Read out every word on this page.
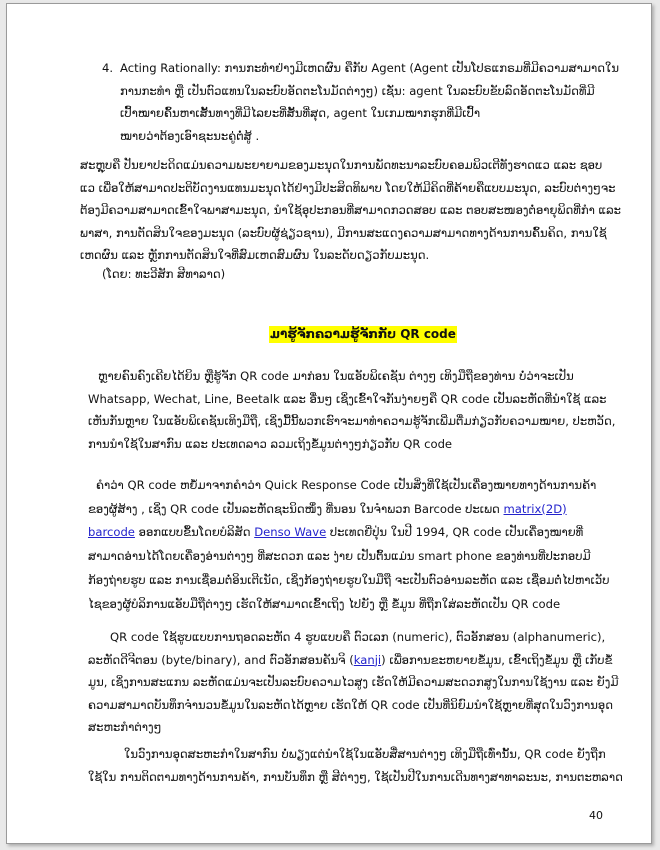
4. Acting Rationally: ການກະທຳຢ່າງມີເຫດຜົນ ຄືກັບ Agent (Agent ເປັນໂປຣແກຣມທີ່ມີຄວາມສາມາດໃນ
ການກະທຳ ຫຼື ເປັນຕົວແທນໃນລະບົບອັດຕະໂນມັດຕ່າງໆ) ເຊັ່ນ: agent ໃນລະບົບຂັບລົດອັດຕະໂນມັດທີ່ມີ
ເປົ້າໝາຍຄົ້ນຫາເສັ້ນທາງທີ່ມີໄລຍະທີ່ສັ້ນທີ່ສຸດ, agent ໃນເກມໝາກຮຸກທີ່ມີເປົ້າ
ໝາຍວ່າຕ້ອງເອົາຊະນະຄູ່ຕໍ່ສູ້ .
ສະຫຼຸບຄື ປັນຍາປະດິດແມ່ນຄວາມພະຍາຍາມຂອງມະນຸດໃນການພັດທະນາລະບົບຄອມພິວເຕີທັງຮາດແວ ແລະ ຊອບ
ແວ ເພື່ອໃຫ້ສາມາດປະຕິບັດງານແທນມະນຸດໄດ້ຢ່າງມີປະສິດທິພາບ ໂດຍໃຫ້ມີຄິດທີ່ຄ້າຍຄືແບບມະນຸດ, ລະບົບຕ່າງໆຈະ
ຕ້ອງມີຄວາມສາມາດເຂົ້າໃຈພາສາມະນຸດ, ນຳໃຊ້ອຸປະກອນທີ່ສາມາດກວດສອບ ແລະ ຕອບສະໜອງຕໍ່ອາຍຸພິດທີ່ກຳ ແລະ
ພາສາ, ການຕັດສິນໃຈຂອງມະນຸດ (ລະບົບຜູ້ຊ່ຽວຊານ), ມີການສະແດງຄວາມສາມາດທາງດ້ານການຄົ້ນຄິດ, ການໃຊ້
ເຫດຜົນ ແລະ ຫຼັກການຕັດສິນໃຈທີ່ສົມເຫດສົມຜົນ ໃນລະດັບດຽວກັບມະນຸດ.
(ໂດຍ: ທະວີສັກ ສີທາລາດ)
ມາຮູ້ຈັກຄວາມຮູ້ຈັກກັບ QR code
ຫຼາຍຄົນຄົງເຄີຍໄດ້ຍິນ ຫຼືຮູ້ຈັກ QR code ມາກ່ອນ ໃນແອັບພິເຄຊັນ ຕ່າງໆ ເທິງມືຖືຂອງທ່ານ ບໍ່ວ່າຈະເປັນ
Whatsapp, Wechat, Line, Beetalk ແລະ ອື່ນໆ ເຊິ່ງເຂົ້າໃຈກັນງ່າຍໆຄື QR code ເປັນລະຫັດທີ່ນຳໃຊ້ ແລະ
ເຫັນກັນຫຼາຍ ໃນແອັບພິເຄຊັນເທິງມືຖື, ເຊິ່ງມື້ນີ້ພວກເຮົາຈະມາທຳຄວາມຮູ້ຈັກເພີ່ມຕື່ມກ່ຽວກັບຄວາມໝາຍ, ປະຫວັດ,
ການນຳໃຊ້ໃນສາກົນ ແລະ ປະເທດລາວ ລວມເຖິງຂໍ້ມູນຕ່າງໆກ່ຽວກັບ QR code
ຄຳວ່າ QR code ຫຍໍ້ມາຈາກຄຳວ່າ Quick Response Code ເປັນສິ່ງທີ່ໃຊ້ເປັນເຄື່ອງໝາຍທາງດ້ານການຄ້າ
ຂອງຜູ້ສ້າງ , ເຊິ່ງ QR code ເປັນລະຫັດຊະນິດໜຶ່ງ ທີ່ນອນ ໃນຈຳພວກ Barcode ປະເພດ matrix(2D)
barcode ອອກແບບຂຶ້ນໂດຍບໍລິສັດ Denso Wave ປະເທດຍີ່ປຸ່ນ ໃນປີ 1994, QR code ເປັນເຄື່ອງໝາຍທີ່
ສາມາດອ່ານໄດ້ໂດຍເຄື່ອງອ່ານຕ່າງໆ ທີ່ສະດວກ ແລະ ງ່າຍ ເປັນຕົ້ນແມ່ນ smart phone ຂອງທ່ານທີ່ປະກອບມີ
ກ້ອງຖ່າຍຮູບ ແລະ ການເຊື່ອມຕໍ່ອິນເຕີເນັດ, ເຊິ່ງກ້ອງຖ່າຍຮູບໃນມືຖື ຈະເປັນຕົວອ່ານລະຫັດ ແລະ ເຊື່ອມຕໍ່ໄປຫາເວັບ
ໄຊຂອງຜູ້ບໍລິການແອັບມືຖືຕ່າງໆ ເຮັດໃຫ້ສາມາດເຂົ້າເຖິງ ໄປຍັງ ຫຼື ຂໍ້ມູນ ທີ່ຖືກໃສ່ລະຫັດເປັນ QR code
QR code ໃຊ້ຮູບແບບການຖອດລະຫັດ 4 ຮູບແບບຄື ຕົວເລກ (numeric), ຕົວອັກສອນ (alphanumeric),
ລະຫັດດີຈີຕອນ (byte/binary), and ຕົວອັກສອນຄັນຈິ (kanji) ເພື່ອການຂະຫຍາຍຂໍ້ມູນ, ເຂົ້າເຖິງຂໍ້ມູນ ຫຼື ເກັບຂໍ້
ມູນ, ເຊິ່ງການສະແກນ ລະຫັດແມ່ນຈະເປັນລະບົບຄວາມໄວສູງ ເຮັດໃຫ້ມີຄວາມສະດວກສູງໃນການໃຊ້ງານ ແລະ ຍັງມີ
ຄວາມສາມາດບັນທຶກຈຳນວນຂໍ້ມູນໃນລະຫັດໄດ້ຫຼາຍ ເຮັດໃຫ້ QR code ເປັນທີ່ນິຍົມນຳໃຊ້ຫຼາຍທີ່ສຸດໃນວົງການອຸດ
ສະຫະກຳຕ່າງໆ
ໃນວົງການອຸດສະຫະກຳໃນສາກົນ ບໍ່ພຽງແຕ່ນຳໃຊ້ໃນແອັບສື່ສານຕ່າງໆ ເທິງມືຖືເທົ່ານັ້ນ, QR code ຍັງຖືກ
ໃຊ້ໃນ ການຕິດຕາມທາງດ້ານການຄ້າ, ການບັນທຶກ ຫຼື ສີຕ່າງໆ, ໃຊ້ເປັນປີໃນການເດີນທາງສາທາລະນະ, ການຕະຫລາດ
40
